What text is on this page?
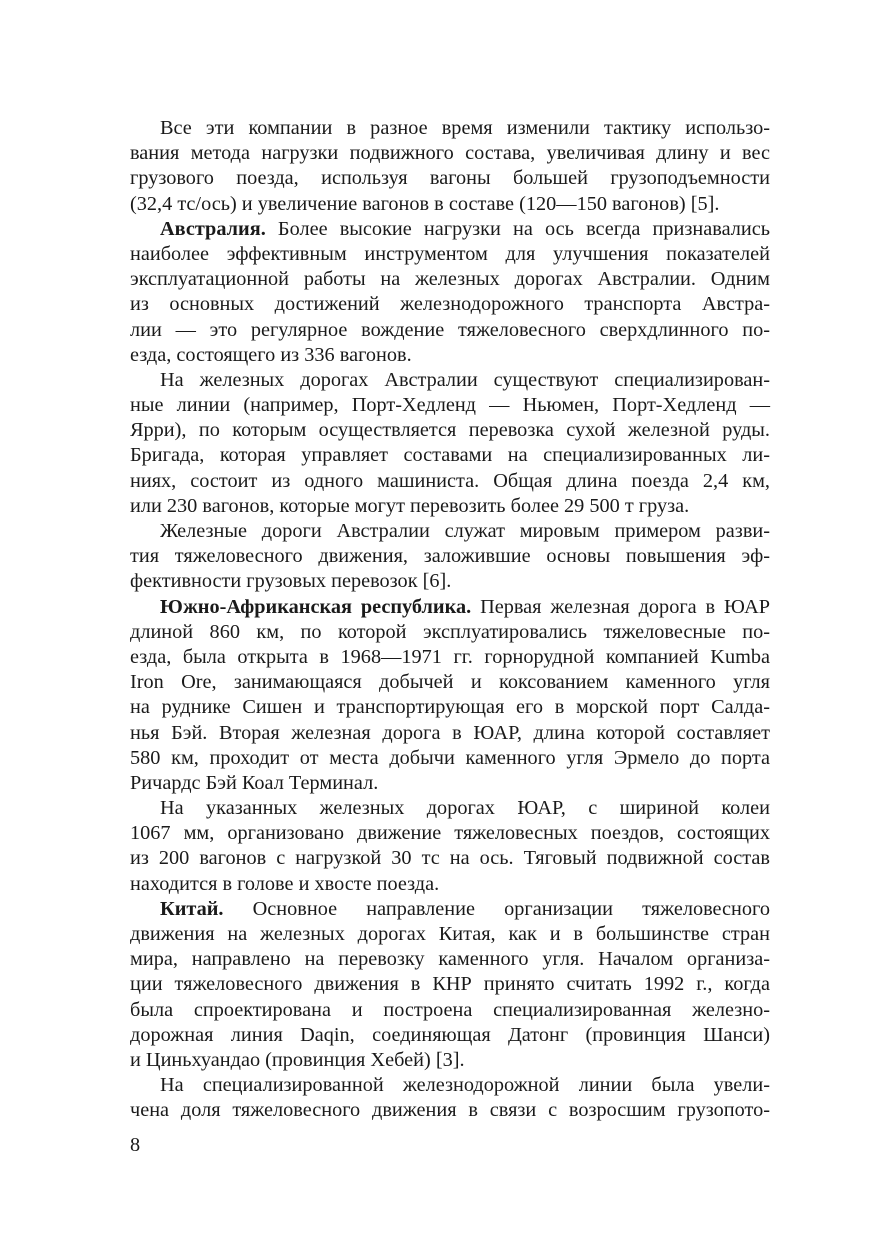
Все эти компании в разное время изменили тактику использо-
вания метода нагрузки подвижного состава, увеличивая длину и вес
грузового поезда, используя вагоны большей грузоподъемности
(32,4 тс/ось) и увеличение вагонов в составе (120—150 вагонов) [5].
Австралия. Более высокие нагрузки на ось всегда признавались
наиболее эффективным инструментом для улучшения показателей
эксплуатационной работы на железных дорогах Австралии. Одним
из основных достижений железнодорожного транспорта Австра-
лии — это регулярное вождение тяжеловесного сверхдлинного по-
езда, состоящего из 336 вагонов.
На железных дорогах Австралии существуют специализирован-
ные линии (например, Порт-Хедленд — Ньюмен, Порт-Хедленд —
Ярри), по которым осуществляется перевозка сухой железной руды.
Бригада, которая управляет составами на специализированных ли-
ниях, состоит из одного машиниста. Общая длина поезда 2,4 км,
или 230 вагонов, которые могут перевозить более 29 500 т груза.
Железные дороги Австралии служат мировым примером разви-
тия тяжеловесного движения, заложившие основы повышения эф-
фективности грузовых перевозок [6].
Южно-Африканская республика. Первая железная дорога в ЮАР
длиной 860 км, по которой эксплуатировались тяжеловесные по-
езда, была открыта в 1968—1971 гг. горнорудной компанией Kumba
Iron Ore, занимающаяся добычей и коксованием каменного угля
на руднике Сишен и транспортирующая его в морской порт Салда-
нья Бэй. Вторая железная дорога в ЮАР, длина которой составляет
580 км, проходит от места добычи каменного угля Эрмело до порта
Ричардс Бэй Коал Терминал.
На указанных железных дорогах ЮАР, с шириной колеи
1067 мм, организовано движение тяжеловесных поездов, состоящих
из 200 вагонов с нагрузкой 30 тс на ось. Тяговый подвижной состав
находится в голове и хвосте поезда.
Китай. Основное направление организации тяжеловесного
движения на железных дорогах Китая, как и в большинстве стран
мира, направлено на перевозку каменного угля. Началом организа-
ции тяжеловесного движения в КНР принято считать 1992 г., когда
была спроектирована и построена специализированная железно-
дорожная линия Daqin, соединяющая Датонг (провинция Шанси)
и Циньхуандао (провинция Хебей) [3].
На специализированной железнодорожной линии была увели-
чена доля тяжеловесного движения в связи с возросшим грузопото-
8
